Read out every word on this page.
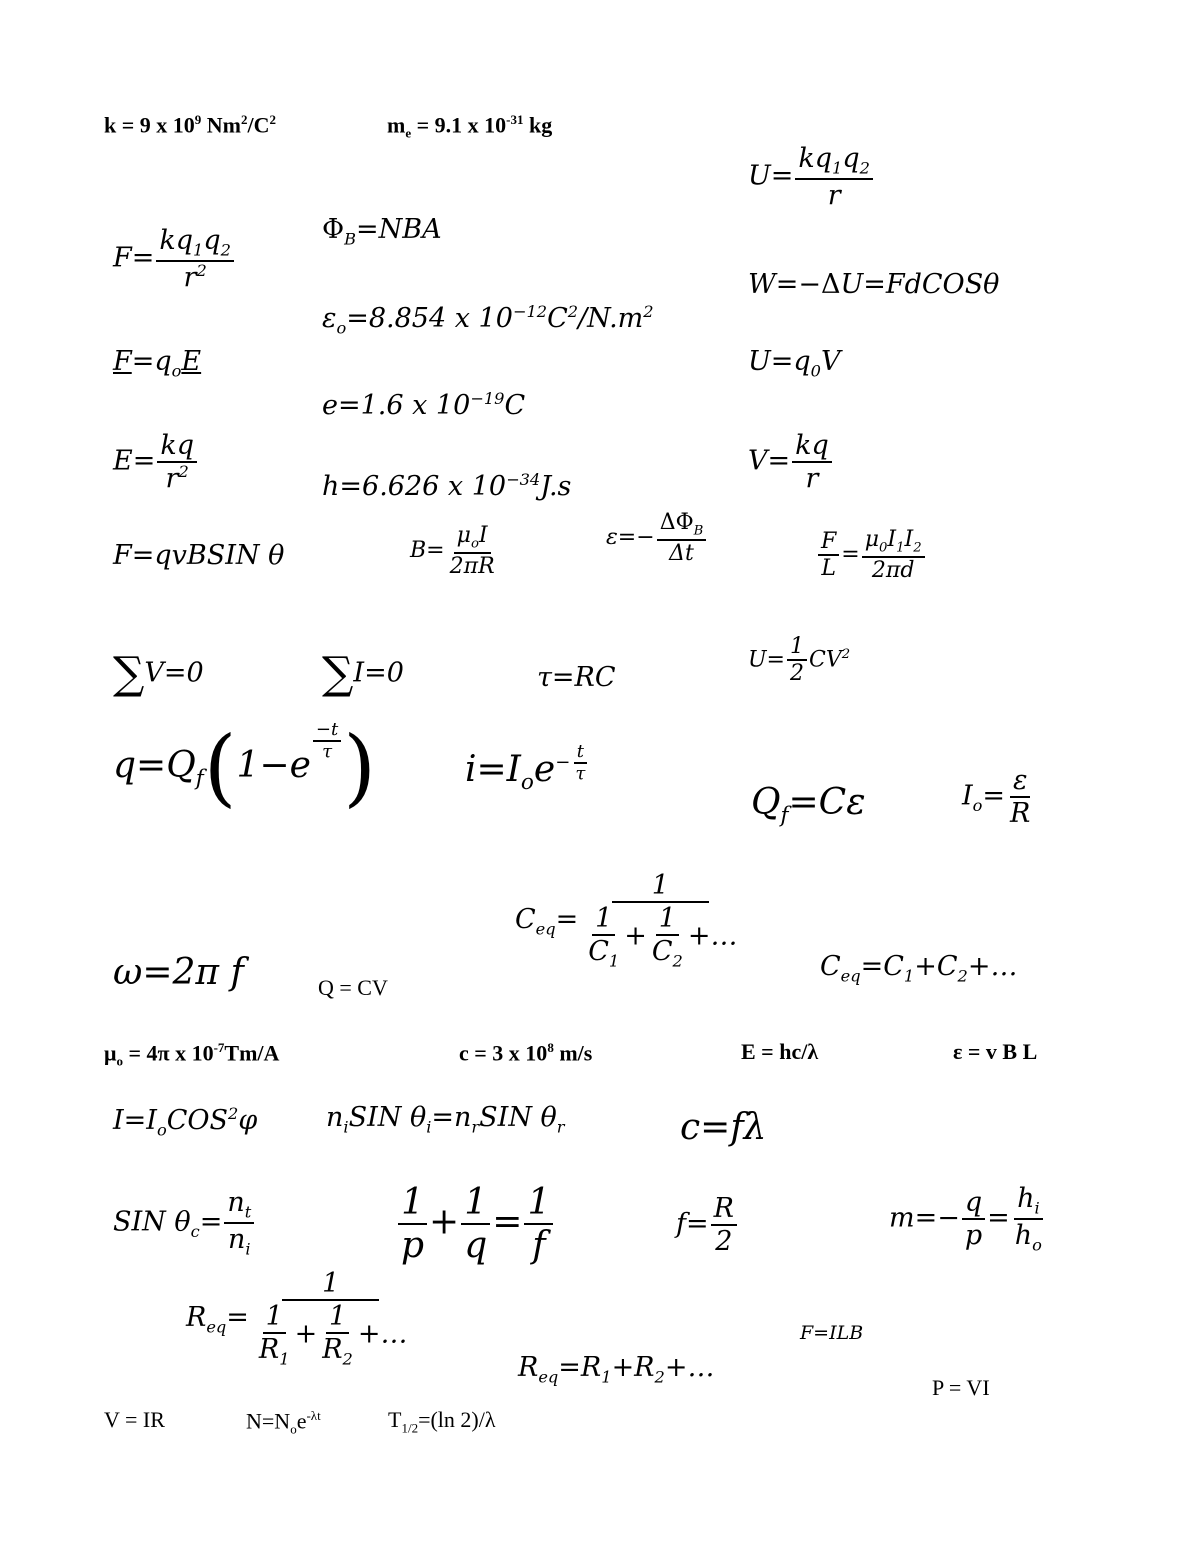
k = 9 x $10^9$ $Nm^2/C^2$	$m_e = 9.1$ x $10^{-31}$ kg
$U= \frac{kq_1q_2}{r}$
$F= \frac{kq_1q_2}{r^2}$	$\Phi_B=NBA$
W=−ΔU=FdCOSθ
$\varepsilon_o=8.854$ x $10^{-12}C^2/N.m^2$
$F=q_oE$	$U=q_0V$
e=1.6 x $10^{-19}C$
$E= \frac{kq}{r^2}$	$V= \frac{kq}{r}$
h=6.626 x $10^{-34}J.s$
F=qvBSIN θ	$B= \frac{\mu_oI}{2\pi R}$	$\varepsilon=- \frac{\Delta\Phi_B}{\Delta t}$	$\frac{F}{L} = \frac{\mu_0I_1I_2}{2\pi d}$
∑V=0	∑I=0	τ=RC
$U= \frac{1}{2} CV^2$
$q=Q_f(1-e$
$\frac{-t}{\tau}$ ) $i=I_oe- \frac{t}{\tau}$
$Q_f=C\varepsilon$	$I_o= \frac{\varepsilon}{R}$
$C_{eq}= \frac{1}{\frac{1}{C_1} + \frac{1}{C_2} +\dots}$
ω=2π f	Q = CV
$C_{eq}=C_1+C_2+\dots$
$\mu_o = 4\pi$ x $10^{-7}Tm/A$	c = 3 x $10^8$ m/s	E = hc/λ	ε = v B L
$I=I_oCOS^2\varphi$	$n_iSIN$ $\theta_i=n_rSIN$ $\theta_r$	c=fλ
SIN $\theta_c= \frac{n_t}{n_i}$	$\frac{1}{p} + \frac{1}{q} = \frac{1}{f}$	$f= \frac{R}{2}$	$m=- \frac{q}{p} = \frac{h_i}{h_o}$
$R_{eq}= \frac{1}{\frac{1}{R_1} + \frac{1}{R_2} +\dots}$	F=ILB
$R_{eq}=R_1+R_2+\dots$
P = VI
V = IR	$N=N_oe^{-\lambda t}$	$T_{1/2}=(\ln$ 2)/λ
